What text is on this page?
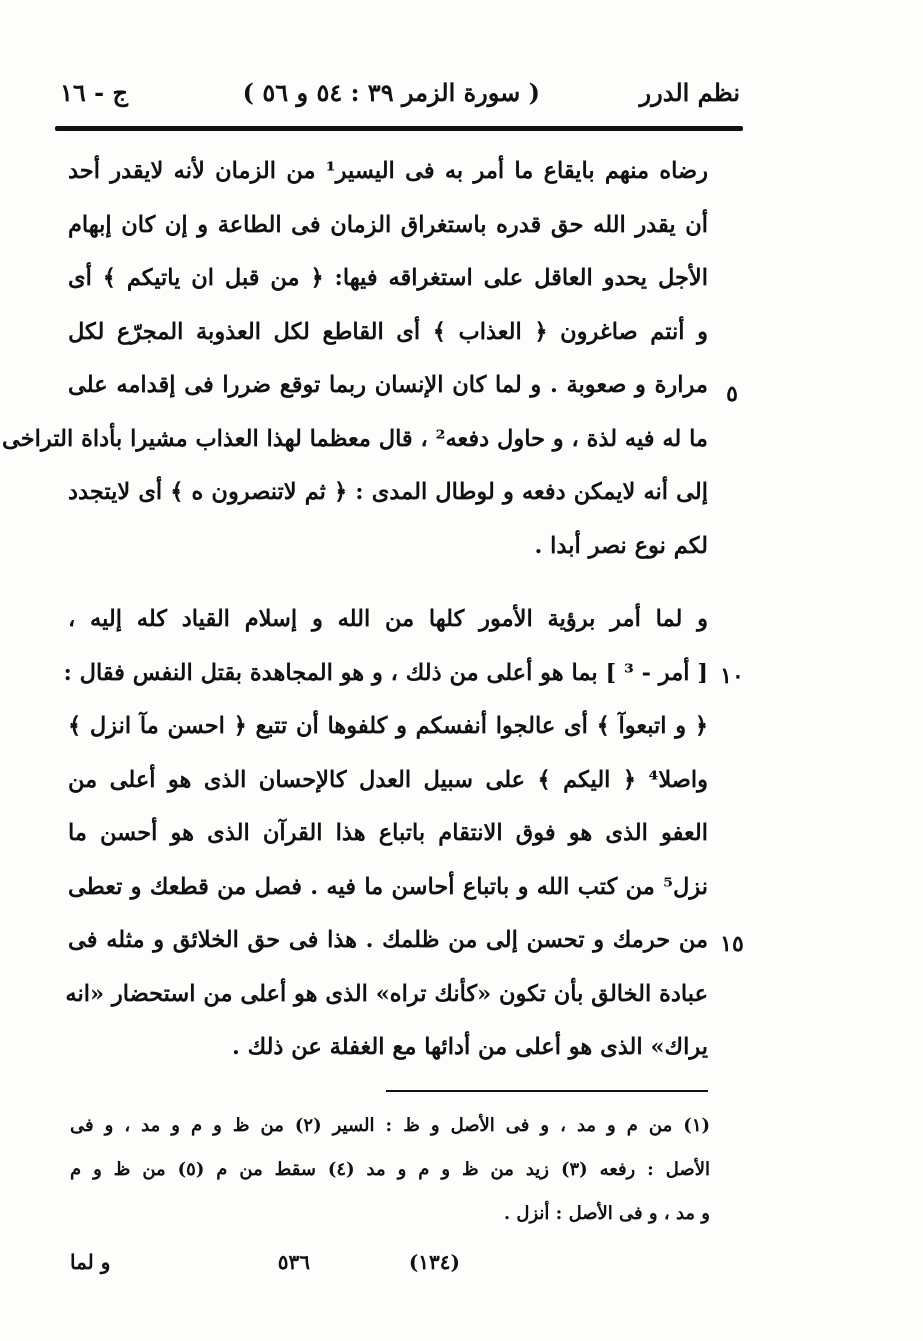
نظم الدرر
( سورة الزمر ٣٩ : ٥٤ و ٥٦ )
ج - ١٦
رضاه منهم بايقاع ما أمر به فى اليسير¹ من الزمان لأنه لايقدر أحد
أن يقدر الله حق قدره باستغراق الزمان فى الطاعة و إن كان إبهام
الأجل يحدو العاقل على استغراقه فيها: ﴿ من قبل ان ياتيكم ﴾ أى
و أنتم صاغرون ﴿ العذاب ﴾ أى القاطع لكل العذوبة المجرّع لكل
مرارة و صعوبة . و لما كان الإنسان ربما توقع ضررا فى إقدامه على
ما له فيه لذة ، و حاول دفعه² ، قال معظما لهذا العذاب مشيرا بأداة التراخى
إلى أنه لايمكن دفعه و لوطال المدى : ﴿ ثم لاتنصرون ه ﴾ أى لايتجدد
لكم نوع نصر أبدا .
و لما أمر برؤية الأمور كلها من الله و إسلام القياد كله إليه ،
[ أمر - ³ ] بما هو أعلى من ذلك ، و هو المجاهدة بقتل النفس فقال :
﴿ و اتبعوآ ﴾ أى عالجوا أنفسكم و كلفوها أن تتبع ﴿ احسن مآ انزل ﴾
واصلا⁴ ﴿ اليكم ﴾ على سبيل العدل كالإحسان الذى هو أعلى من
العفو الذى هو فوق الانتقام باتباع هذا القرآن الذى هو أحسن ما
نزل⁵ من كتب الله و باتباع أحاسن ما فيه . فصل من قطعك و تعطى
من حرمك و تحسن إلى من ظلمك . هذا فى حق الخلائق و مثله فى
عبادة الخالق بأن تكون «كأنك تراه» الذى هو أعلى من استحضار «انه
يراك» الذى هو أعلى من أدائها مع الغفلة عن ذلك .
٥
١٠
١٥
(١) من م و مد ، و فى الأصل و ظ : السير (٢) من ظ و م و مد ، و فى
الأصل : رفعه (٣) زيد من ظ و م و مد (٤) سقط من م (٥) من ظ و م
و مد ، و فى الأصل : أنزل .
(١٣٤)
٥٣٦
و لما
